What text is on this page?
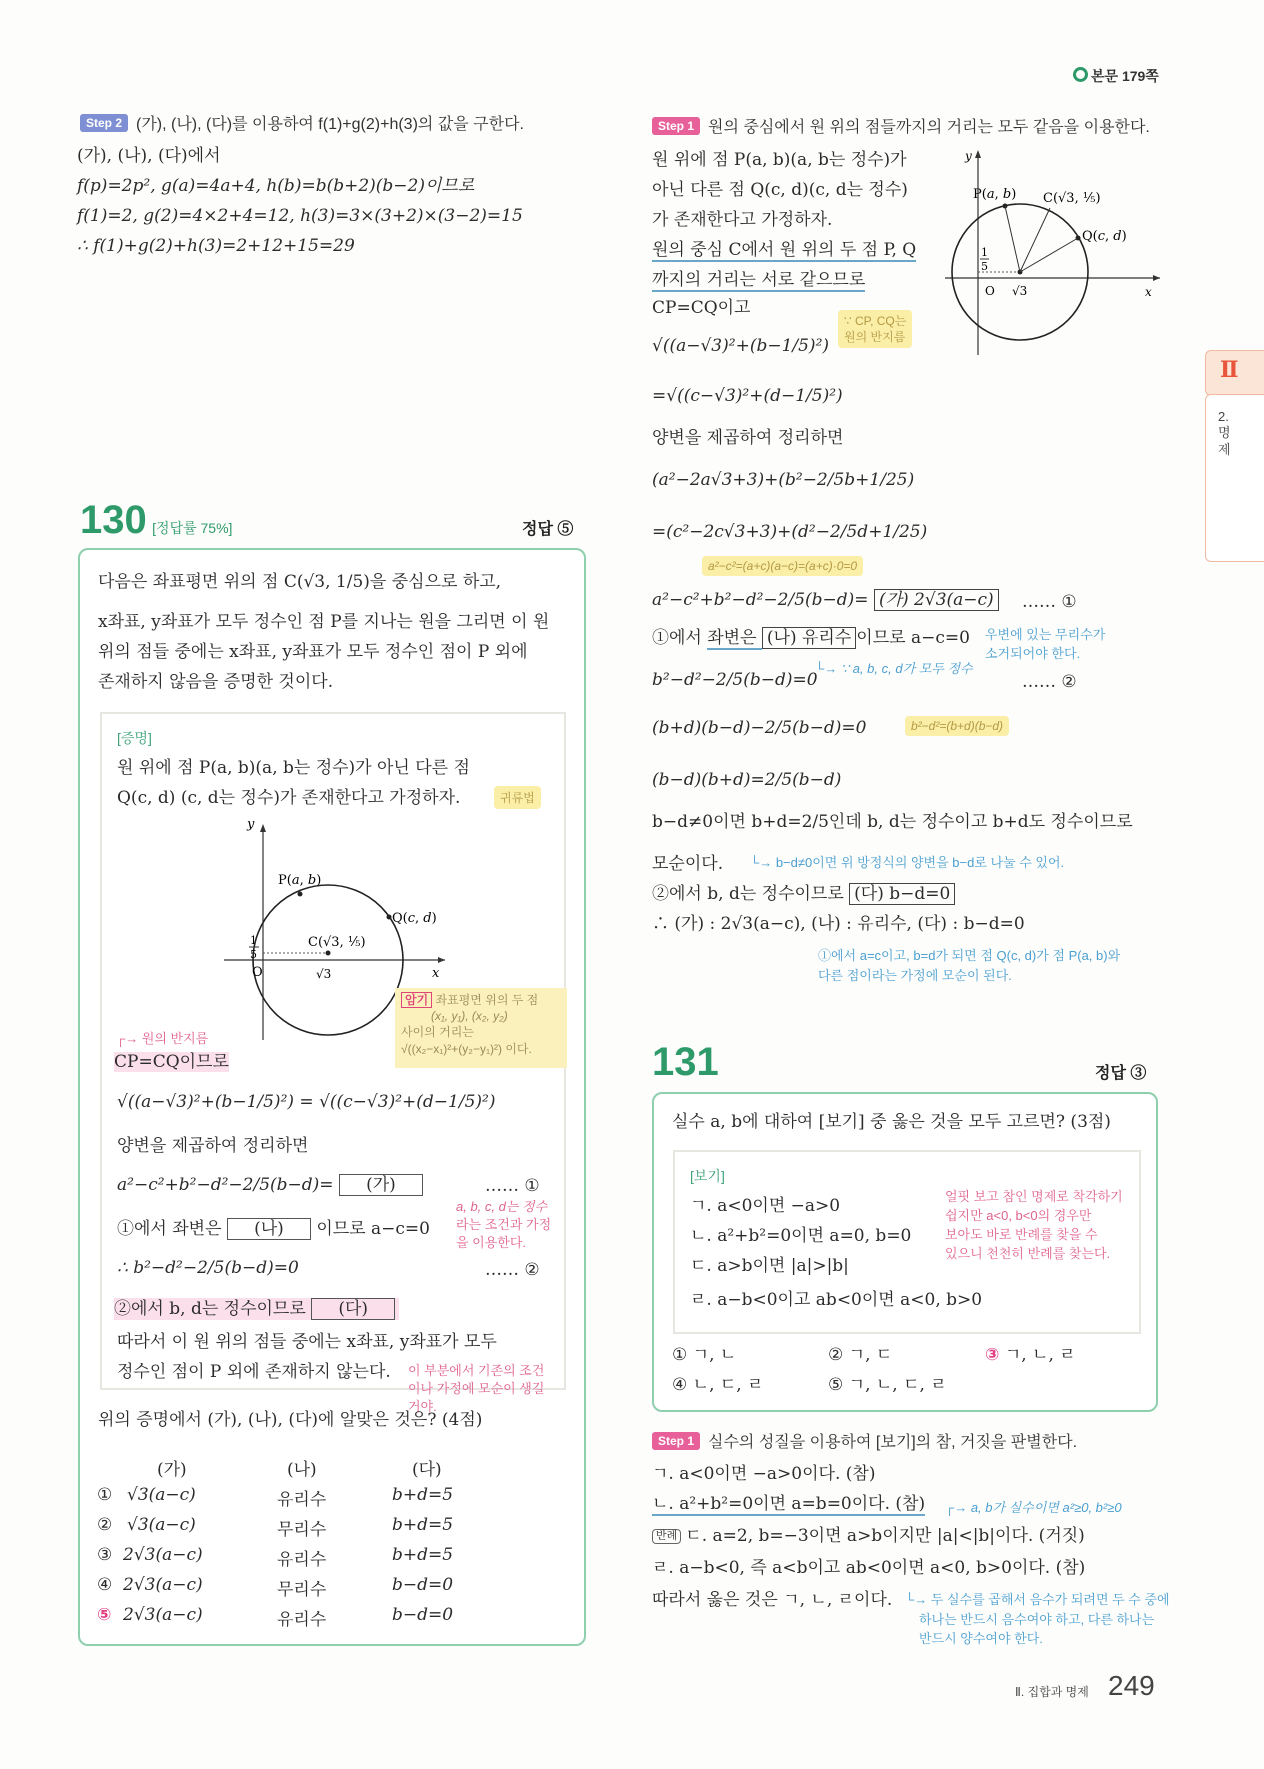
본문 179쪽
Step 2 (가), (나), (다)를 이용하여 f(1)+g(2)+h(3)의 값을 구한다.
(가), (나), (다)에서
f(p)=2p², g(a)=4a+4, h(b)=b(b+2)(b−2)이므로
f(1)=2, g(2)=4×2+4=12, h(3)=3×(3+2)×(3−2)=15
∴ f(1)+g(2)+h(3)=2+12+15=29
130 [정답률 75%]	정답 ⑤
다음은 좌표평면 위의 점 C(√3, 1/5)을 중심으로 하고,
x좌표, y좌표가 모두 정수인 점 P를 지나는 원을 그리면 이 원
위의 점들 중에는 x좌표, y좌표가 모두 정수인 점이 P 외에
존재하지 않음을 증명한 것이다.
[증명]
원 위에 점 P(a, b)(a, b는 정수)가 아닌 다른 점
Q(c, d) (c, d는 정수)가 존재한다고 가정하자.	귀류법
y
x
O
P(a, b)
Q(c, d)
C(√3, ⅕)
√3
1
5
암기 좌표평면 위의 두 점
(x₁, y₁), (x₂, y₂)
사이의 거리는
√((x₂−x₁)²+(y₂−y₁)²) 이다.
┌→ 원의 반지름
CP=CQ이므로
√((a−√3)²+(b−1/5)²) = √((c−√3)²+(d−1/5)²)
양변을 제곱하여 정리하면
a²−c²+b²−d²−2/5(b−d)= (가)	…… ①
①에서 좌변은 (나) 이므로 a−c=0
a, b, c, d는 정수
라는 조건과 가정
을 이용한다.
∴ b²−d²−2/5(b−d)=0	…… ②
②에서 b, d는 정수이므로 (다)
따라서 이 원 위의 점들 중에는 x좌표, y좌표가 모두
정수인 점이 P 외에 존재하지 않는다. 이 부분에서 기존의 조건
이나 가정에 모순이 생길
거야.
위의 증명에서 (가), (나), (다)에 알맞은 것은? (4점)
(가)	(나)	(다)
① √3(a−c)	유리수	b+d=5
② √3(a−c)	무리수	b+d=5
③ 2√3(a−c)	유리수	b+d=5
④ 2√3(a−c)	무리수	b−d=0
⑤ 2√3(a−c)	유리수	b−d=0
Step 1 원의 중심에서 원 위의 점들까지의 거리는 모두 같음을 이용한다.
원 위에 점 P(a, b)(a, b는 정수)가
아닌 다른 점 Q(c, d)(c, d는 정수)
가 존재한다고 가정하자.
원의 중심 C에서 원 위의 두 점 P, Q
까지의 거리는 서로 같으므로
y
x
O
P(a, b)
Q(c, d)
C(√3, ⅕)
√3
1
5
CP=CQ이고
∵ CP, CQ는
원의 반지름
√((a−√3)²+(b−1/5)²)
=√((c−√3)²+(d−1/5)²)
양변을 제곱하여 정리하면
(a²−2a√3+3)+(b²−2/5b+1/25)
=(c²−2c√3+3)+(d²−2/5d+1/25)
a²−c²=(a+c)(a−c)=(a+c)·0=0
a²−c²+b²−d²−2/5(b−d)= (가) 2√3(a−c) …… ①
①에서 좌변은 (나) 유리수 이므로 a−c=0 우변에 있는 무리수가
소거되어야 한다.
└→ ∵ a, b, c, d가 모두 정수
b²−d²−2/5(b−d)=0	…… ②
(b+d)(b−d)−2/5(b−d)=0	b²−d²=(b+d)(b−d)
(b−d)(b+d)=2/5(b−d)
b−d≠0이면 b+d=2/5인데 b, d는 정수이고 b+d도 정수이므로
모순이다. └→ b−d≠0이면 위 방정식의 양변을 b−d로 나눌 수 있어.
②에서 b, d는 정수이므로 (다) b−d=0
∴ (가) : 2√3(a−c), (나) : 유리수, (다) : b−d=0
①에서 a=c이고, b=d가 되면 점 Q(c, d)가 점 P(a, b)와
다른 점이라는 가정에 모순이 된다.
131	정답 ③
실수 a, b에 대하여 [보기] 중 옳은 것을 모두 고르면? (3점)
[보기]
ㄱ. a<0이면 −a>0
ㄴ. a²+b²=0이면 a=0, b=0
ㄷ. a>b이면 |a|>|b|
ㄹ. a−b<0이고 ab<0이면 a<0, b>0
얼핏 보고 참인 명제로 착각하기
쉽지만 a<0, b<0의 경우만
보아도 바로 반례를 찾을 수
있으니 천천히 반례를 찾는다.
① ㄱ, ㄴ	② ㄱ, ㄷ	③ ㄱ, ㄴ, ㄹ
④ ㄴ, ㄷ, ㄹ	⑤ ㄱ, ㄴ, ㄷ, ㄹ
Step 1 실수의 성질을 이용하여 [보기]의 참, 거짓을 판별한다.
ㄱ. a<0이면 −a>0이다. (참)
ㄴ. a²+b²=0이면 a=b=0이다. (참) ┌→ a, b가 실수이면 a²≥0, b²≥0
반례 ㄷ. a=2, b=−3이면 a>b이지만 |a|<|b|이다. (거짓)
ㄹ. a−b<0, 즉 a<b이고 ab<0이면 a<0, b>0이다. (참)
따라서 옳은 것은 ㄱ, ㄴ, ㄹ이다. └→ 두 실수를 곱해서 음수가 되려면 두 수 중에
하나는 반드시 음수여야 하고, 다른 하나는
반드시 양수여야 한다.
Ⅱ
2.
명
제
Ⅱ. 집합과 명제 249
